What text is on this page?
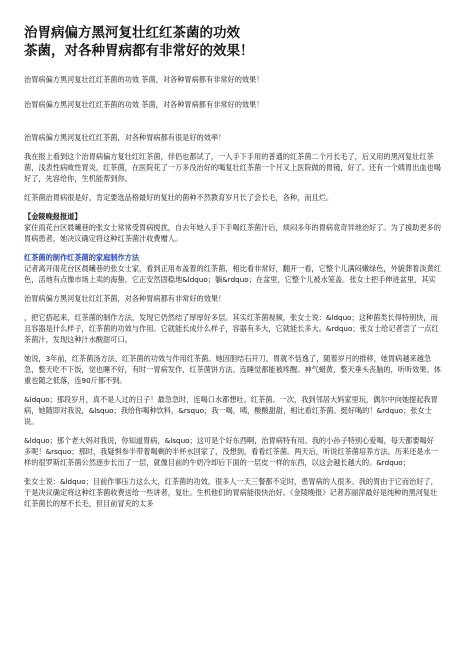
治胃病偏方黑河复壮红红茶菌的功效
茶菌，对各种胃病都有非常好的效果！

治胃病偏方黑河复壮红红茶菌的功效 茶菌，对各种胃病都有非常好的效果！

治胃病偏方黑河复壮红红茶菌的功效 茶菌，对各种胃病都有非常好的效果！

治胃病偏方黑河复壮红红茶菌，对各种胃病都有很是好的效率！

我在报上看到这个治胃病偏方复壮红红茶菌，伴侣也都试了，一入手下手用的普通的红茶菌二个月长毛了，后又用的黑河复壮红茶菌，浅表性病败性胃炎，红茶菌，在医院花了一万多没治好的喝复壮红茶菌一个月又上医院做的胃镜，好了。还有一个姨胃出血也喝好了，先容给你，生机能帮到你。

红茶菌治胃病很是好，肯定要选品格最好的复壮的菌种不然教育岁月长了会长毛，各种，而且烂。

【金陵晚报报道】

家住雨花台区晨曦巷的张女士常常受胃病搅扰，自去年她入手下手喝红茶菌汁后，烦闷多年的胃病竟奇异地治好了。为了援助更多的胃病患者，她决议确定将这种红茶菌汁收费赠人。

红茶菌的制作红茶菌的家庭制作方法

记者离开雨花台区晨曦巷的张女士家，看到正用布盖着的红茶菌，相比看非常好，翻开一看，它整个儿满闷嫩绿色，外貌葬着淡黄红色，活地有点像市场上卖的海蛰。它正安然固稳地&ldquo；躺&rdquo；在盆里，它整个儿被水笼盖。张女士把手伸进盆里，其实

治胃病偏方黑河复壮红红茶菌，对各种胃病都有非常好的效果！

，把它搭起来，红茶菌的制作方法，发现它仍然结了厚厚好多层。其实红茶菌视频，张女士说：&ldquo；这种菌类长得特别快，而且容器是什么样子，红茶菌的功效与作用。它就能长成什么样子，容器有多大，它就能长多大。&rdquo；张女士给记者尝了一点红茶菌汁，发现这种汁水酸甜可口。

她说，3年前，红茶菌汤方法，红茶菌的功效与作用红茶菌。她因胆结石开刀，胃就不恬逸了，随着岁月的推移，她胃病越来越急急，整天吃不下饭，觉也睡不好，有时一胃病发作，红茶菌饼方法。连睡觉都能被疼醒。神气蜡黄，整天垂头丧脑的，听听效果。体重也随之低落，连90斤都不到。

&ldquo；那段岁月，真不是人过的日子！最急急时，连喝口水都想吐。红茶菌。一次，我到邻居大妈家里玩，偶尔中向她提起我胃病，她随即对我说，&lsquo；我给你喝种饮料，&rsquo；我一喝，咦，酸酸甜甜，相比看红茶菌。挺好喝的！&rdquo；张女士说。

&ldquo；那个老大妈对我说，你知道胃病，&lsquo；这可是个好东西啊，治胃病特有用。我的小孙子特别心爱喝，每天都要喝好多呢！&rsquo；那时，我疑惧参半带着喝剩的半杯水回家了，没想到，看看红茶菌。两天后，听说红茶菌培养方法。历来还是水一样的很罗斯红茶菌公然逐步长出了一层，就像目前的牛奶冷却后下面的一层皮一样的东西，以这会越长越大的。&rdquo；

张女士说：&ldquo；目前作事压力这么大，红茶菌的功效。很多人一天三餐都不定时，患胃病的人很多。我的胃由于它而治好了，于是决议确定将这种红茶菌收费送给一些讲者，复壮。生机他们的胃病能很快治好。《金陵晚报》记者苏丽萍最好是纯种的黑河复壮红茶菌长的厚不长毛，但目前冒充的太多
